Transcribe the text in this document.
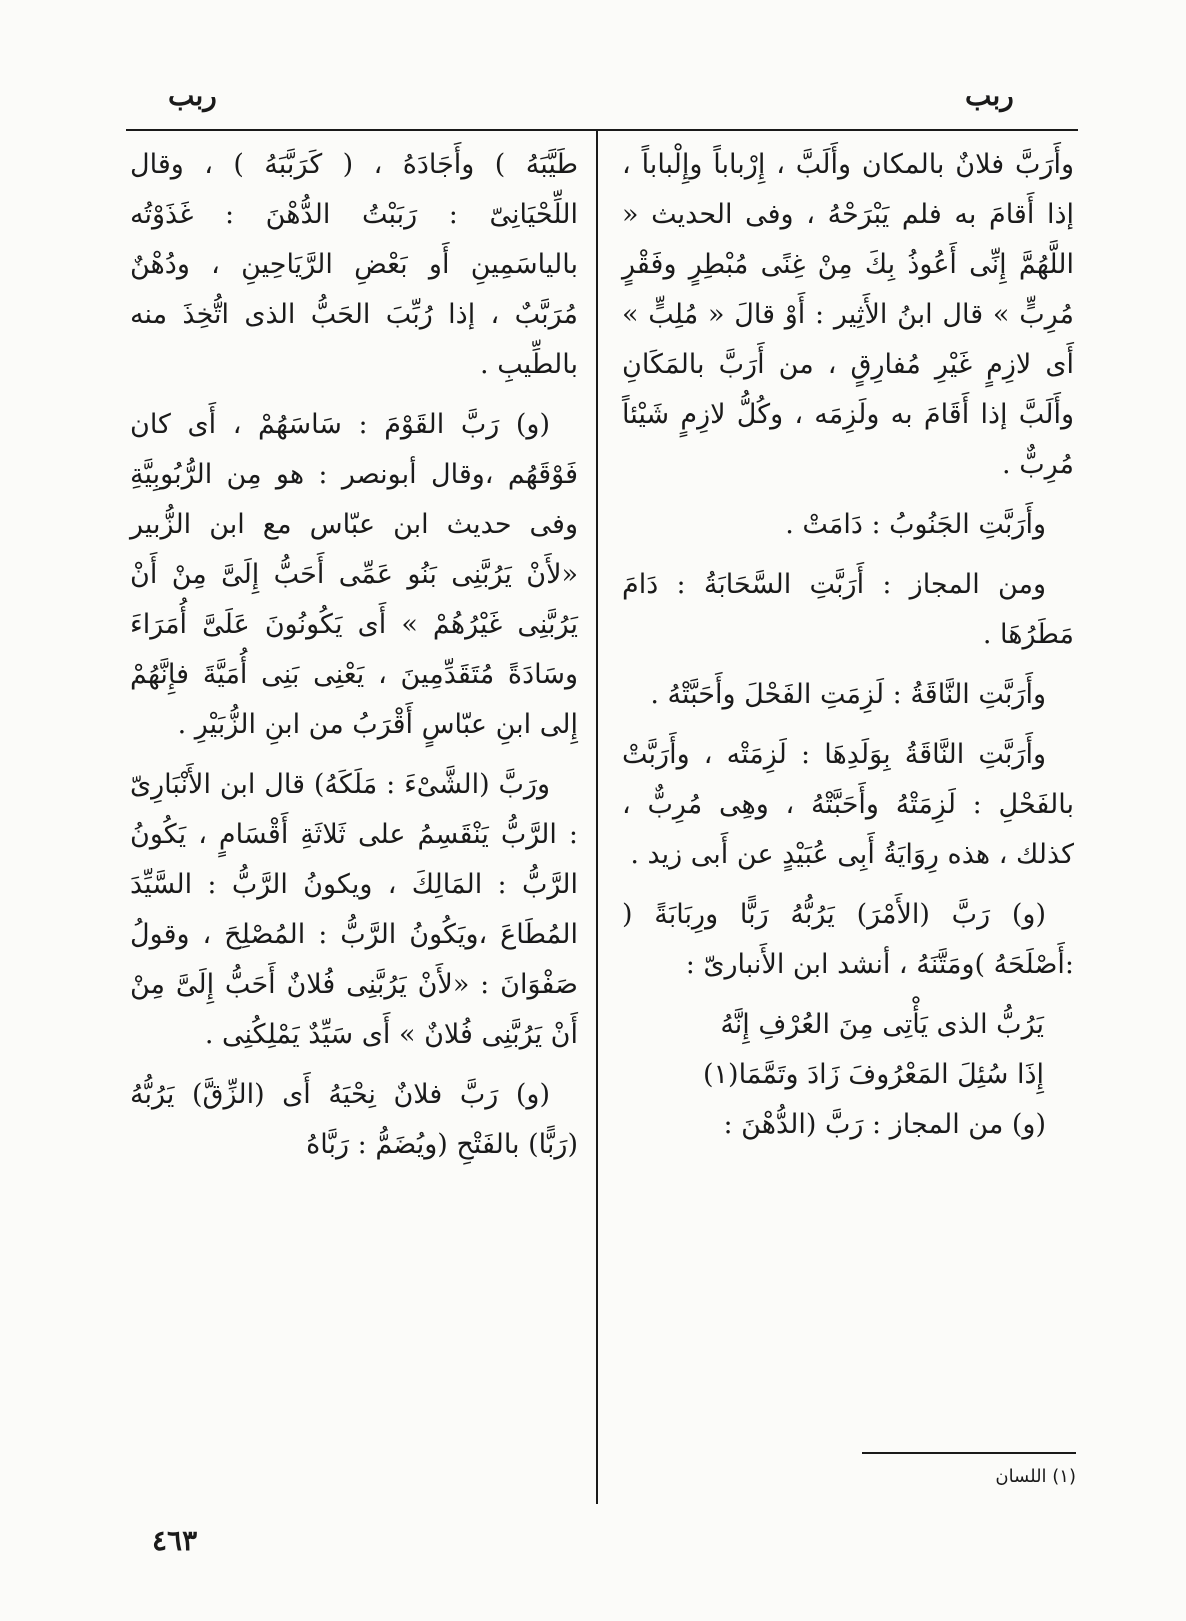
ربب
ربب

وأَرَبَّ فلانٌ بالمكان وأَلَبَّ ، إِرْباباً وإِلْباباً ، إذا أَقامَ به فلم يَبْرَحْهُ ، وفى الحديث « اللَّهُمَّ إِنِّى أَعُوذُ بِكَ مِنْ غِنًى مُبْطِرٍ وفَقْرٍ مُرِبٍّ » قال ابنُ الأَثِير : أَوْ قالَ « مُلِبٍّ » أَى لازِمٍ غَيْرِ مُفارِقٍ ، من أَرَبَّ بالمَكَانِ وأَلَبَّ إذا أَقَامَ به ولَزِمَه ، وكُلُّ لازِمٍ شَيْئاً مُرِبٌّ .

وأَرَبَّتِ الجَنُوبُ : دَامَتْ .

ومن المجاز : أَرَبَّتِ السَّحَابَةُ : دَامَ مَطَرُهَا .

وأَرَبَّتِ النَّاقَةُ : لَزِمَتِ الفَحْلَ وأَحَبَّتْهُ .

وأَرَبَّتِ النَّاقَةُ بِوَلَدِهَا : لَزِمَتْه ، وأَرَبَّتْ بالفَحْلِ : لَزِمَتْهُ وأَحَبَّتْهُ ، وهِى مُرِبٌّ ، كذلك ، هذه رِوَايَةُ أَبِى عُبَيْدٍ عن أَبى زيد .

(و) رَبَّ (الأَمْرَ) يَرُبُّهُ رَبًّا ورِبَابَةً ( :أَصْلَحَهُ )ومَتَّنَهُ ، أنشد ابن الأَنبارىّ :

يَرُبُّ الذى يَأْتِى مِنَ العُرْفِ إِنَّهُ
إِذَا سُئِلَ المَعْرُوفَ زَادَ وتَمَّمَا(١)

(و) من المجاز : رَبَّ (الدُّهْنَ :

طَيَّبَهُ ) وأَجَادَهُ ، ( كَرَبَّبَهُ ) ، وقال اللِّحْيَانِىّ : رَبَبْتُ الدُّهْنَ : غَذَوْتُه بالياسَمِينِ أَو بَعْضِ الرَّيَاحِينِ ، ودُهْنٌ مُرَبَّبٌ ، إذا رُبِّبَ الحَبُّ الذى اتُّخِذَ منه بالطِّيبِ .

(و) رَبَّ القَوْمَ : سَاسَهُمْ ، أَى كان فَوْقَهُم ،وقال أبونصر : هو مِن الرُّبُوبِيَّةِ وفى حديث ابن عبّاس مع ابن الزُّبير «لأَنْ يَرُبَّنِى بَنُو عَمِّى أَحَبُّ إِلَىَّ مِنْ أَنْ يَرُبَّنِى غَيْرُهُمْ » أَى يَكُونُونَ عَلَىَّ أُمَرَاءَ وسَادَةً مُتَقَدِّمِينَ ، يَعْنِى بَنِى أُمَيَّةَ فإِنَّهُمْ إِلى ابنِ عبّاسٍ أَقْرَبُ من ابنِ الزُّبَيْرِ .

ورَبَّ (الشَّىْءَ : مَلَكَهُ) قال ابن الأَنْبَارِىّ : الرَّبُّ يَنْقَسِمُ على ثَلاثَةِ أَقْسَامٍ ، يَكُونُ الرَّبُّ : المَالِكَ ، ويكونُ الرَّبُّ : السَّيِّدَ المُطَاعَ ،ويَكُونُ الرَّبُّ : المُصْلِحَ ، وقولُ صَفْوَانَ : «لأَنْ يَرُبَّنِى فُلانٌ أَحَبُّ إِلَىَّ مِنْ أَنْ يَرُبَّنِى فُلانٌ » أَى سَيِّدٌ يَمْلِكُنِى .

(و) رَبَّ فلانٌ نِحْيَهُ أَى (الزِّقَّ) يَرُبُّهُ (رَبًّا) بالفَتْحِ (ويُضَمُّ : رَبَّاهُ

(١) اللسان
٤٦٣
